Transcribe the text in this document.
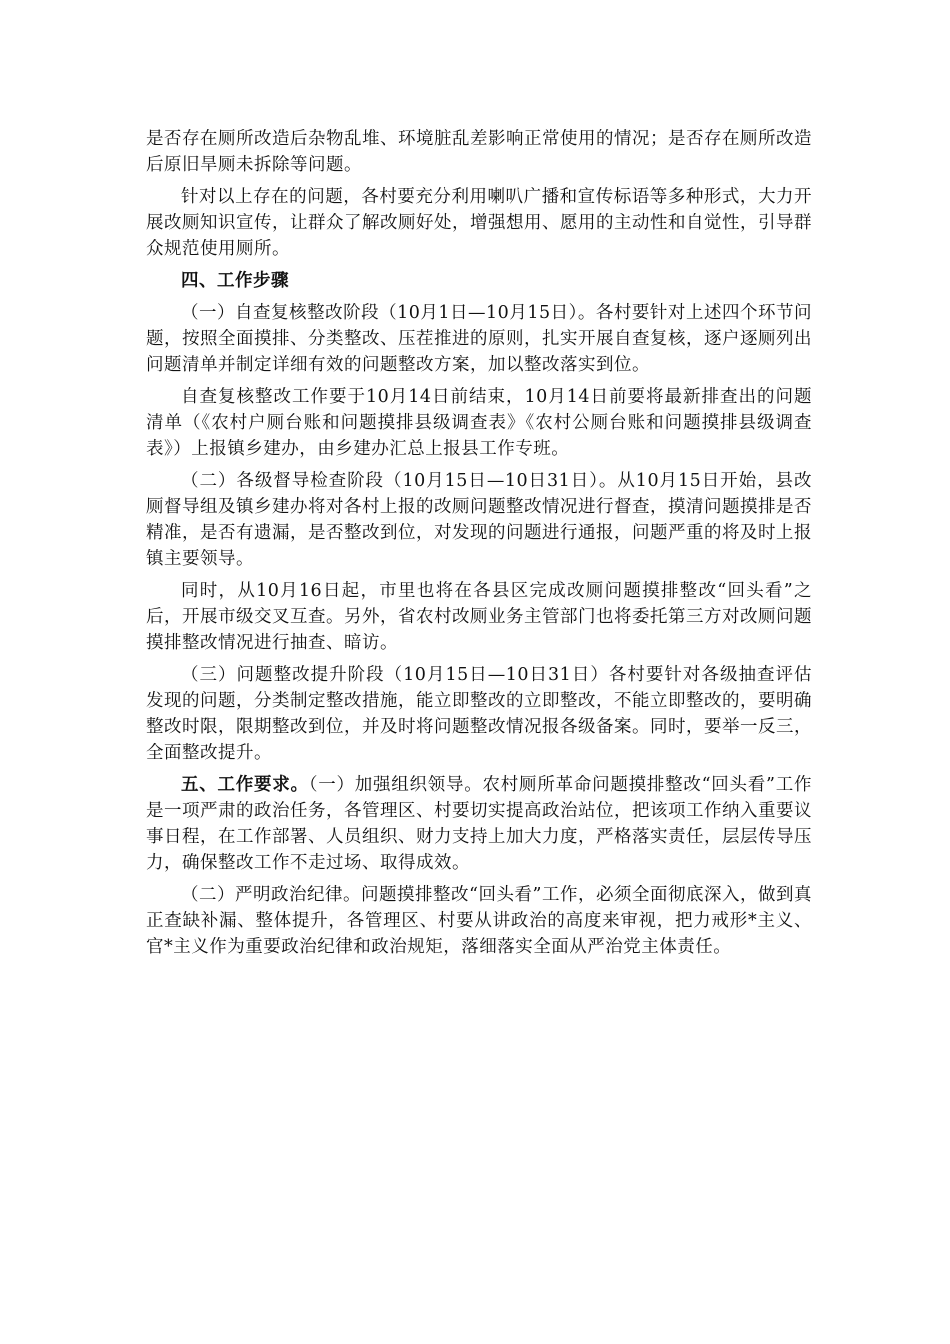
是否存在厕所改造后杂物乱堆、环境脏乱差影响正常使用的情况；是否存在厕所改造后原旧旱厕未拆除等问题。

针对以上存在的问题，各村要充分利用喇叭广播和宣传标语等多种形式，大力开展改厕知识宣传，让群众了解改厕好处，增强想用、愿用的主动性和自觉性，引导群众规范使用厕所。

四、工作步骤

（一）自查复核整改阶段（10月1日—10月15日）。各村要针对上述四个环节问题，按照全面摸排、分类整改、压茬推进的原则，扎实开展自查复核，逐户逐厕列出问题清单并制定详细有效的问题整改方案，加以整改落实到位。

自查复核整改工作要于10月14日前结束，10月14日前要将最新排查出的问题清单（《农村户厕台账和问题摸排县级调查表》《农村公厕台账和问题摸排县级调查表》）上报镇乡建办，由乡建办汇总上报县工作专班。

（二）各级督导检查阶段（10月15日—10日31日）。从10月15日开始，县改厕督导组及镇乡建办将对各村上报的改厕问题整改情况进行督查，摸清问题摸排是否精准，是否有遗漏，是否整改到位，对发现的问题进行通报，问题严重的将及时上报镇主要领导。

同时，从10月16日起，市里也将在各县区完成改厕问题摸排整改“回头看”之后，开展市级交叉互查。另外，省农村改厕业务主管部门也将委托第三方对改厕问题摸排整改情况进行抽查、暗访。

（三）问题整改提升阶段（10月15日—10日31日）各村要针对各级抽查评估发现的问题，分类制定整改措施，能立即整改的立即整改，不能立即整改的，要明确整改时限，限期整改到位，并及时将问题整改情况报各级备案。同时，要举一反三，全面整改提升。

五、工作要求。（一）加强组织领导。农村厕所革命问题摸排整改“回头看”工作是一项严肃的政治任务，各管理区、村要切实提高政治站位，把该项工作纳入重要议事日程，在工作部署、人员组织、财力支持上加大力度，严格落实责任，层层传导压力，确保整改工作不走过场、取得成效。

（二）严明政治纪律。问题摸排整改“回头看”工作，必须全面彻底深入，做到真正查缺补漏、整体提升，各管理区、村要从讲政治的高度来审视，把力戒形*主义、官*主义作为重要政治纪律和政治规矩，落细落实全面从严治党主体责任。
